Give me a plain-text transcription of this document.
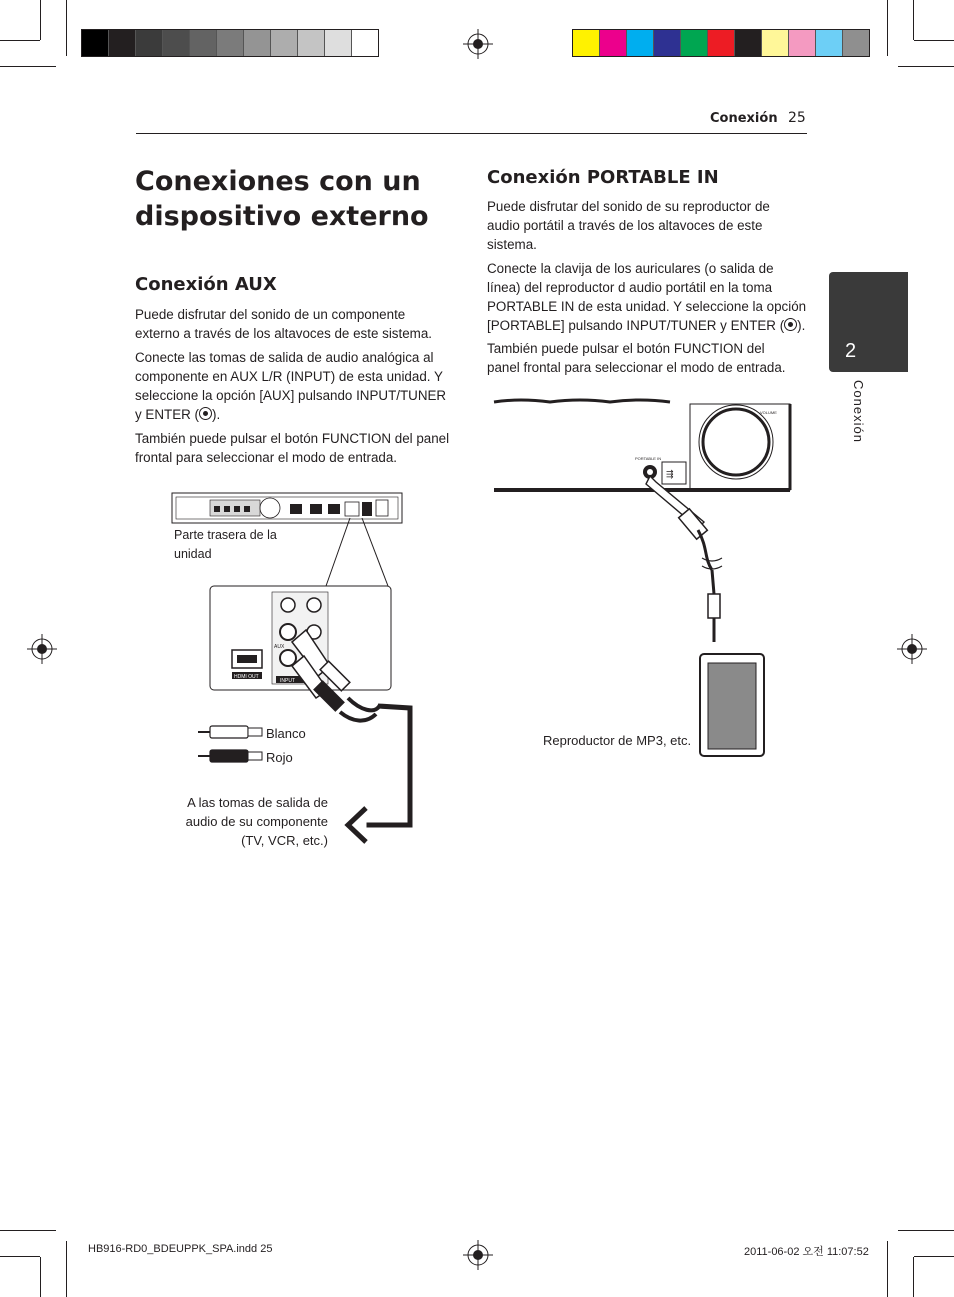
Conexión 25
2
Conexión
Conexiones con un dispositivo externo
Conexión AUX

Puede disfrutar del sonido de un componente externo a través de los altavoces de este sistema.

Conecte las tomas de salida de audio analógica al componente en AUX L/R (INPUT) de esta unidad. Y seleccione la opción [AUX] pulsando INPUT/TUNER y ENTER ( ).

También puede pulsar el botón FUNCTION del panel frontal para seleccionar el modo de entrada.

HDMI OUT
AUX
INPUT
Parte trasera de la unidad
Blanco
Rojo
A las tomas de salida de audio de su componente (TV, VCR, etc.)
Conexión PORTABLE IN

Puede disfrutar del sonido de su reproductor de audio portátil a través de los altavoces de este sistema.

Conecte la clavija de los auriculares (o salida de línea) del reproductor d audio portátil en la toma PORTABLE IN de esta unidad. Y seleccione la opción [PORTABLE] pulsando INPUT/TUNER y ENTER ( ).

También puede pulsar el botón FUNCTION del panel frontal para seleccionar el modo de entrada.

VOLUME
PORTABLE IN
⇶
Reproductor de MP3, etc.
HB916-RD0_BDEUPPK_SPA.indd 25	2011-06-02 오전 11:07:52
